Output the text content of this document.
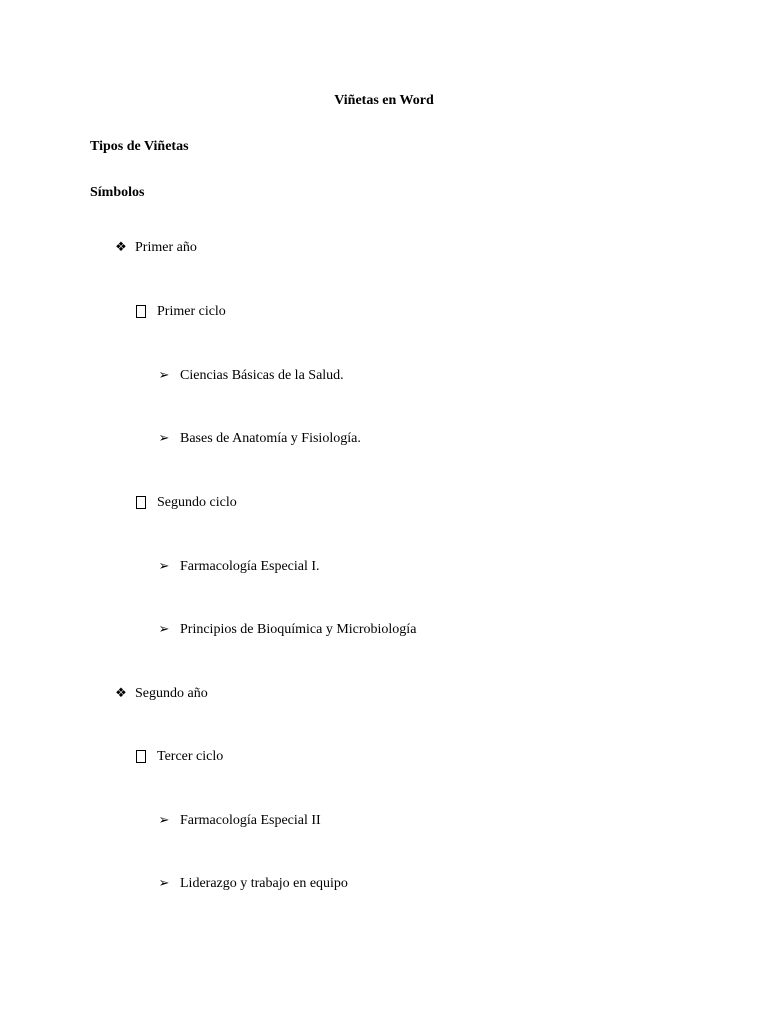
Viñetas en Word
Tipos de Viñetas
Símbolos
❖ Primer año
Primer ciclo
➢ Ciencias Básicas de la Salud.
➢ Bases de Anatomía y Fisiología.
Segundo ciclo
➢ Farmacología Especial I.
➢ Principios de Bioquímica y Microbiología
❖ Segundo año
Tercer ciclo
➢ Farmacología Especial II
➢ Liderazgo y trabajo en equipo
